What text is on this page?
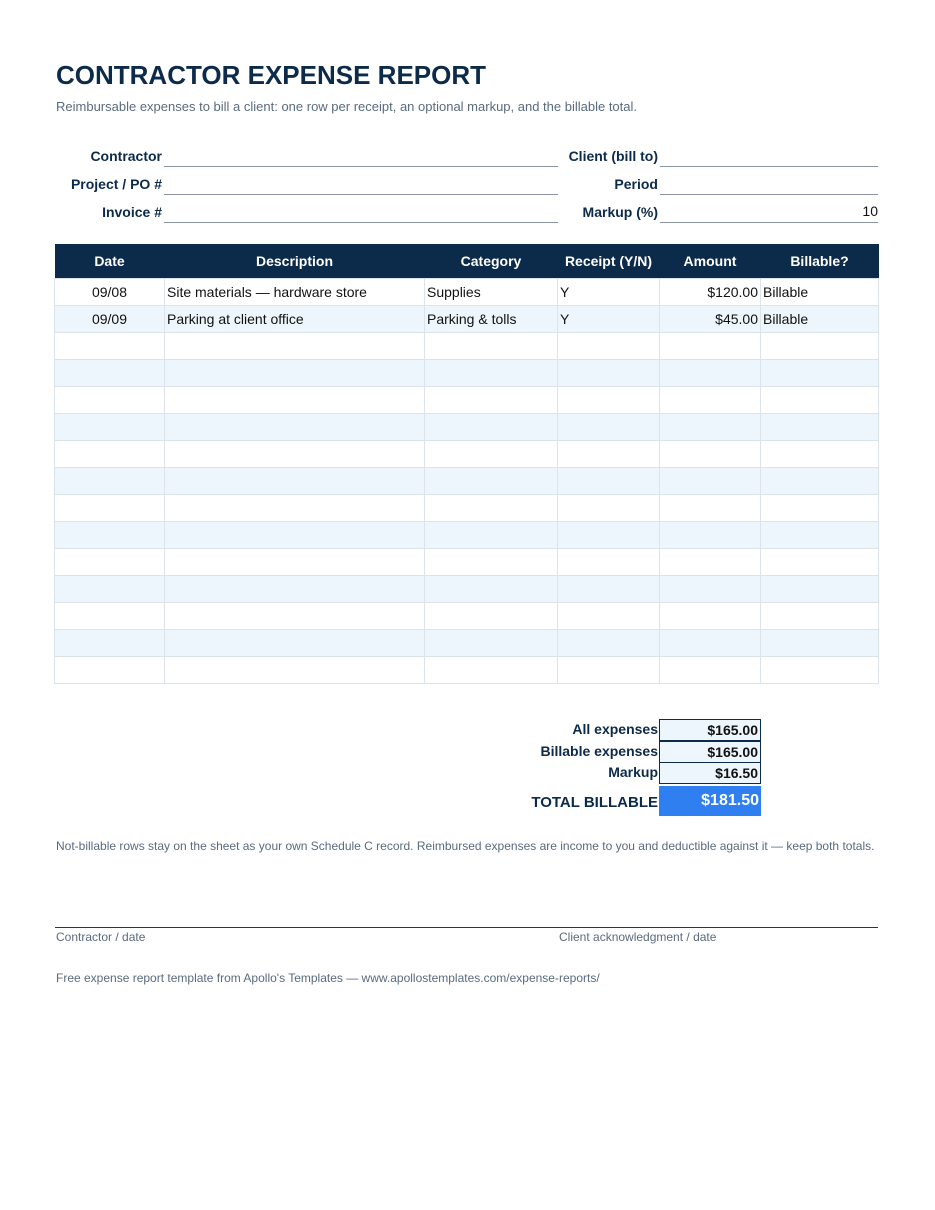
CONTRACTOR EXPENSE REPORT
Reimbursable expenses to bill a client: one row per receipt, an optional markup, and the billable total.
Contractor
Project / PO #
Invoice #
Client (bill to)
Period
Markup (%)	10
Date	Description	Category	Receipt (Y/N)	Amount	Billable?
09/08	Site materials — hardware store	Supplies	Y	$120.00	Billable
09/09	Parking at client office	Parking & tolls	Y	$45.00	Billable

All expenses	$165.00
Billable expenses	$165.00
Markup	$16.50
TOTAL BILLABLE	$181.50
Not-billable rows stay on the sheet as your own Schedule C record. Reimbursed expenses are income to you and deductible against it — keep both totals.
Contractor / date	Client acknowledgment / date
Free expense report template from Apollo's Templates — www.apollostemplates.com/expense-reports/
